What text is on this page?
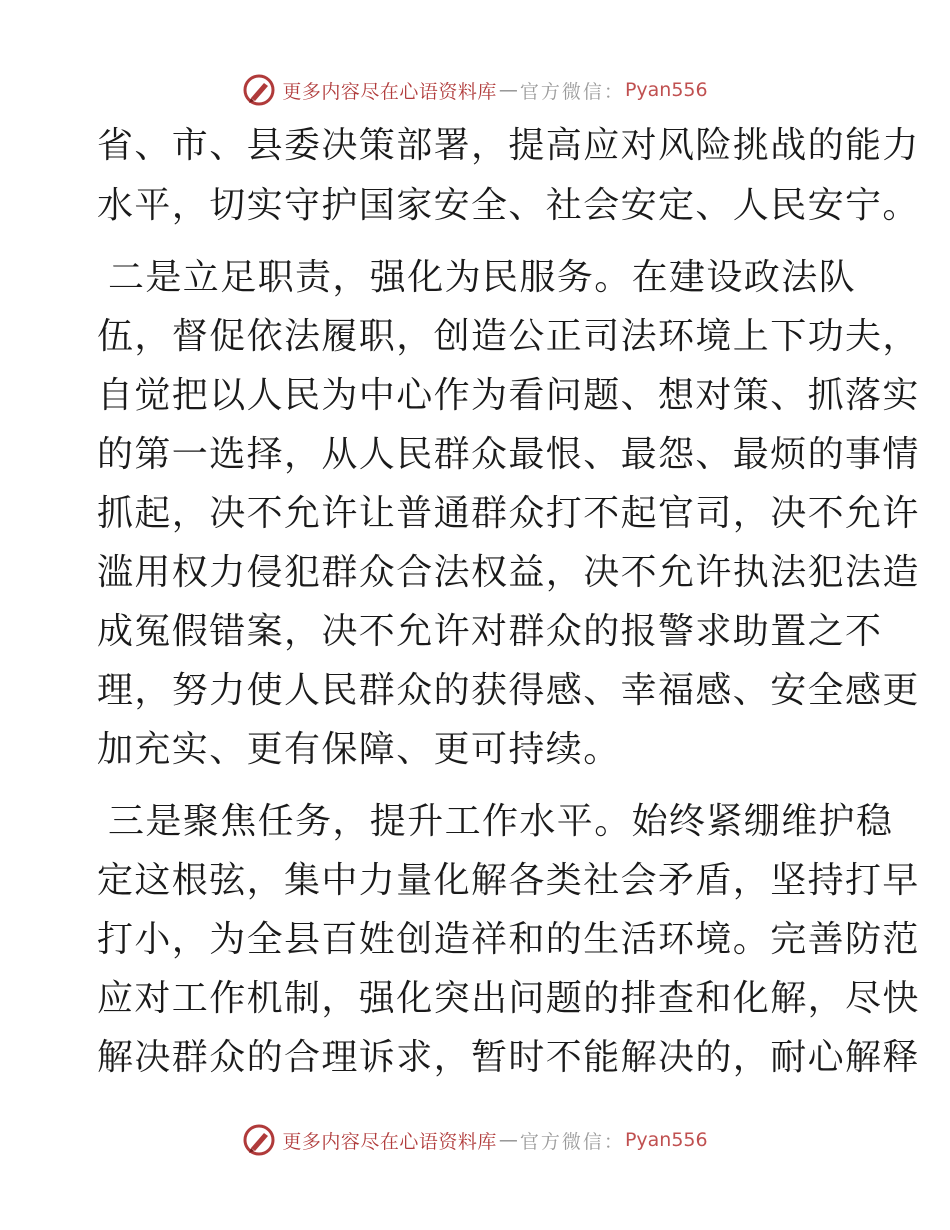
更多内容尽在心语资料库 — 官方微信： Pyan556
省、市、县委决策部署，提高应对风险挑战的能力
水平，切实守护国家安全、社会安定、人民安宁。
二是立足职责，强化为民服务。在建设政法队
伍，督促依法履职，创造公正司法环境上下功夫，
自觉把以人民为中心作为看问题、想对策、抓落实
的第一选择，从人民群众最恨、最怨、最烦的事情
抓起，决不允许让普通群众打不起官司，决不允许
滥用权力侵犯群众合法权益，决不允许执法犯法造
成冤假错案，决不允许对群众的报警求助置之不
理，努力使人民群众的获得感、幸福感、安全感更
加充实、更有保障、更可持续。
三是聚焦任务，提升工作水平。始终紧绷维护稳
定这根弦，集中力量化解各类社会矛盾，坚持打早
打小，为全县百姓创造祥和的生活环境。完善防范
应对工作机制，强化突出问题的排查和化解，尽快
解决群众的合理诉求，暂时不能解决的，耐心解释
更多内容尽在心语资料库 — 官方微信： Pyan556
